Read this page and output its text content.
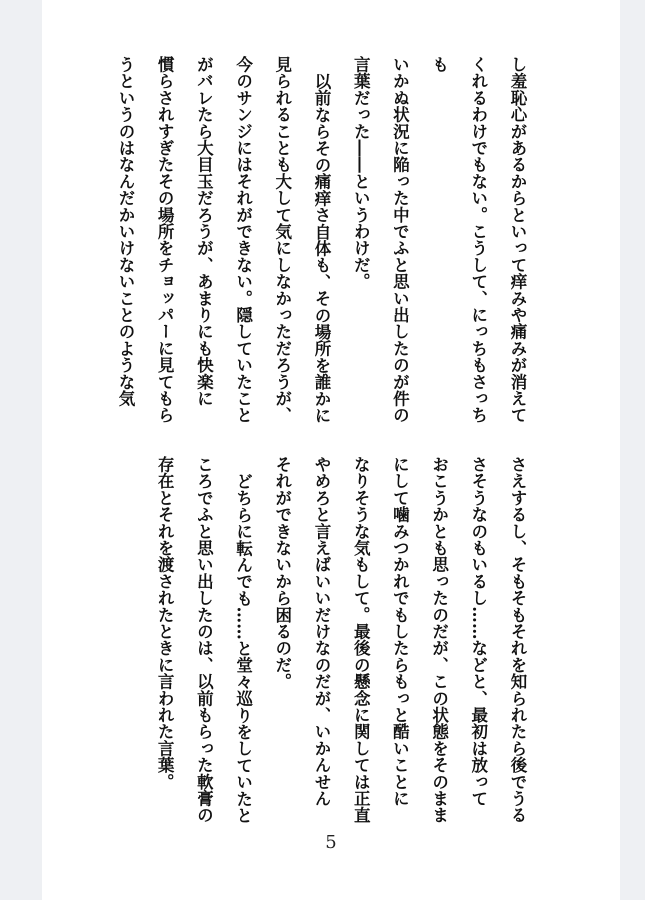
し羞恥心があるからといって痒みや痛みが消えて

くれるわけでもない。こうして、にっちもさっちも

いかぬ状況に陥った中でふと思い出したのが件の

言葉だった――というわけだ。

以前ならその痛痒さ自体も、その場所を誰かに

見られることも大して気にしなかっただろうが、

今のサンジにはそれができない。隠していたこと

がバレたら大目玉だろうが、あまりにも快楽に

慣らされすぎたその場所をチョッパーに見てもら

うというのはなんだかいけないことのような気

さえするし、そもそもそれを知られたら後でうる

さそうなのもいるし……などと、最初は放って

おこうかとも思ったのだが、この状態をそのまま

にして噛みつかれでもしたらもっと酷いことに

なりそうな気もして。最後の懸念に関しては正直

やめろと言えばいいだけなのだが、いかんせん

それができないから困るのだ。

どちらに転んでも……と堂々巡りをしていたと

ころでふと思い出したのは、以前もらった軟膏の

存在とそれを渡されたときに言われた言葉。

5
